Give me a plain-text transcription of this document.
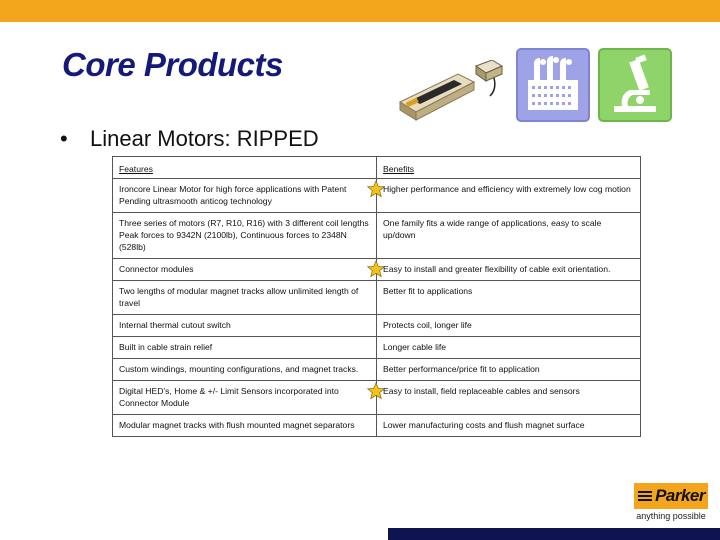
Core Products
• Linear Motors: RIPPED
Features	Benefits

Ironcore Linear Motor for high force applications with Patent Pending ultrasmooth anticog technology	Higher performance and efficiency with extremely low cog motion

Three series of motors (R7, R10, R16) with 3 different coil lengths
Peak forces to 9342N (2100lb), Continuous forces to 2348N (528lb)	One family fits a wide range of applications, easy to scale up/down

Connector modules	Easy to install and greater flexibility of cable exit orientation.

Two lengths of modular magnet tracks allow unlimited length of travel	Better fit to applications

Internal thermal cutout switch	Protects coil, longer life

Built in cable strain relief	Longer cable life

Custom windings, mounting configurations, and magnet tracks.	Better performance/price fit to application

Digital HED’s, Home & +/- Limit Sensors incorporated into Connector Module	Easy to install, field replaceable cables and sensors

Modular magnet tracks with flush mounted magnet separators	Lower manufacturing costs and flush magnet surface
Parker
anything possible
